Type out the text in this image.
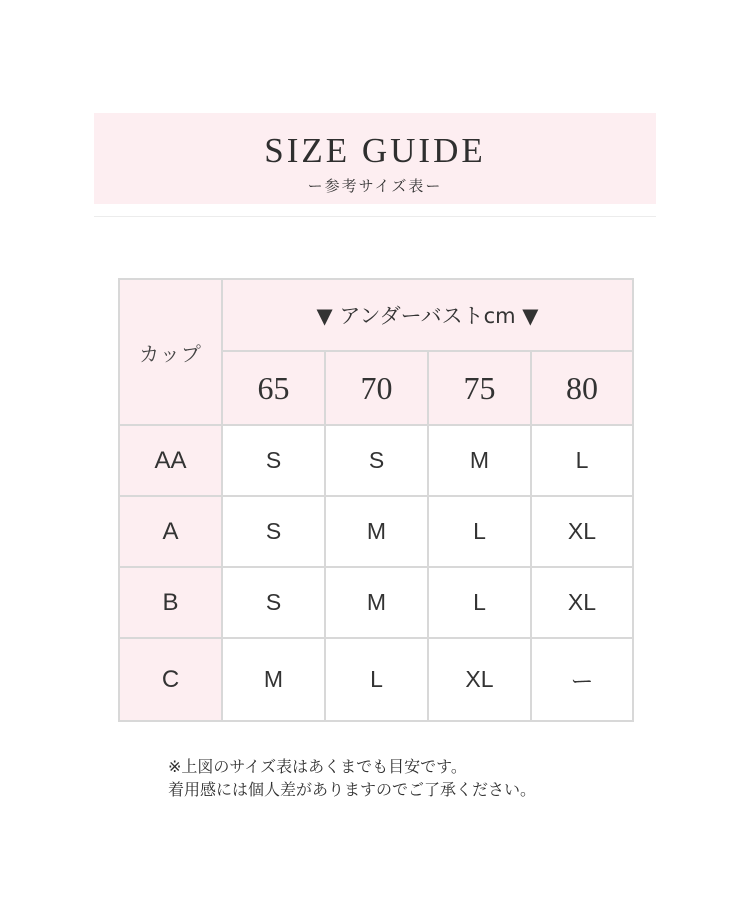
SIZE GUIDE
ー参考サイズ表ー
カップ	▼ アンダーバストcm ▼			
	65	70	75	80
AA	S	S	M	L
A	S	M	L	XL
B	S	M	L	XL
C	M	L	XL	ー
※上図のサイズ表はあくまでも目安です。
着用感には個人差がありますのでご了承ください。
